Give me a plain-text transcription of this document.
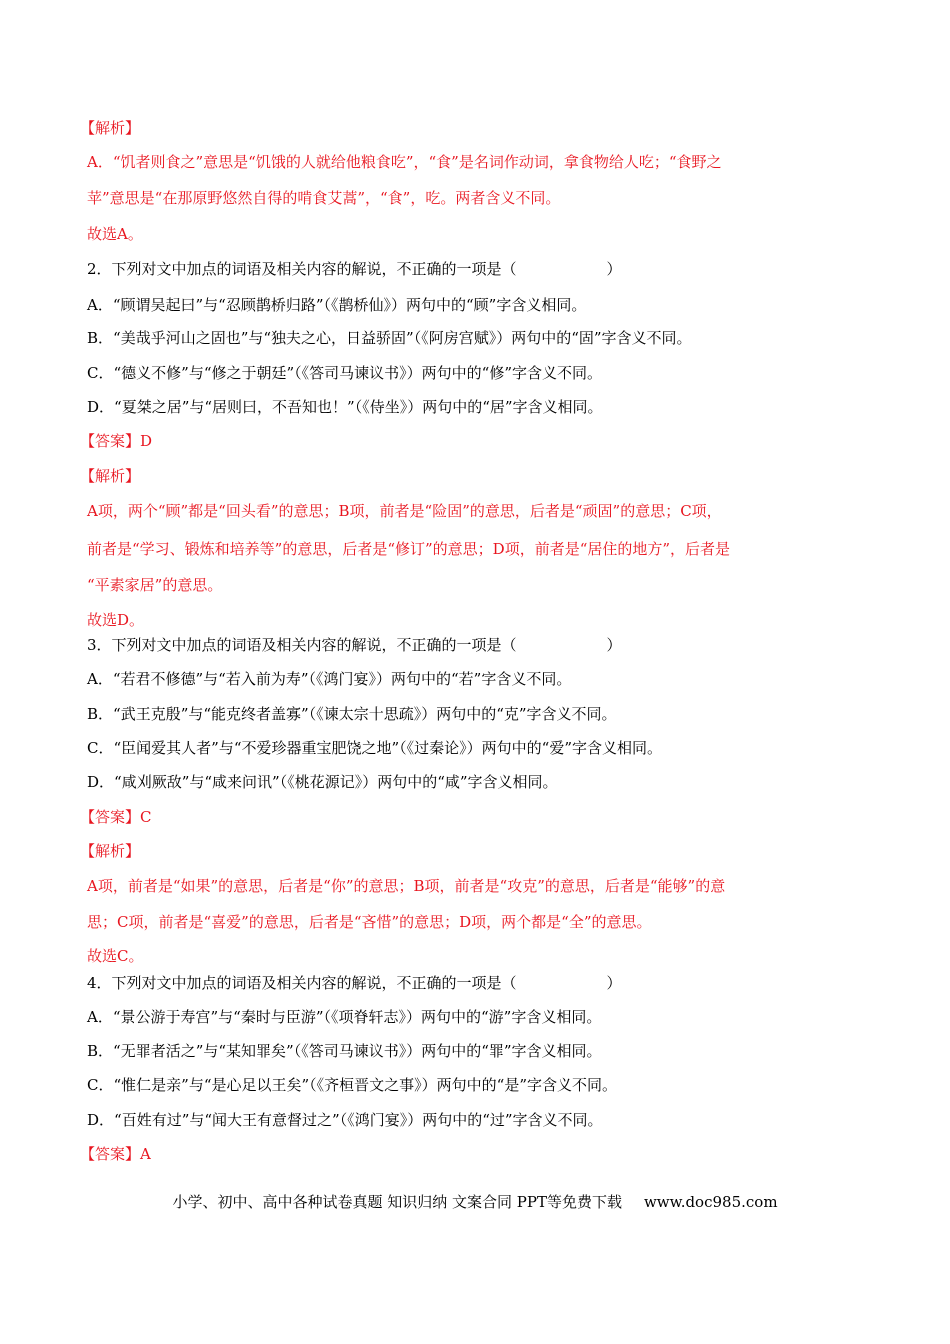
【解析】
A．“饥者则食之”意思是“饥饿的人就给他粮食吃”，“食”是名词作动词，拿食物给人吃；“食野之
苹”意思是“在那原野悠然自得的啃食艾蒿”，“食”，吃。两者含义不同。
故选A。
2．下列对文中加点的词语及相关内容的解说，不正确的一项是（　　　　　　）
A．“顾谓吴起曰”与“忍顾鹊桥归路”（《鹊桥仙》）两句中的“顾”字含义相同。
B．“美哉乎河山之固也”与“独夫之心，日益骄固”（《阿房宫赋》）两句中的“固”字含义不同。
C．“德义不修”与“修之于朝廷”（《答司马谏议书》）两句中的“修”字含义不同。
D．“夏桀之居”与“居则曰，不吾知也！”（《侍坐》）两句中的“居”字含义相同。
【答案】D
【解析】
A项，两个“顾”都是“回头看”的意思；B项，前者是“险固”的意思，后者是“顽固”的意思；C项，
前者是“学习、锻炼和培养等”的意思，后者是“修订”的意思；D项，前者是“居住的地方”，后者是
“平素家居”的意思。
故选D。
3．下列对文中加点的词语及相关内容的解说，不正确的一项是（　　　　　　）
A．“若君不修德”与“若入前为寿”（《鸿门宴》）两句中的“若”字含义不同。
B．“武王克殷”与“能克终者盖寡”（《谏太宗十思疏》）两句中的“克”字含义不同。
C．“臣闻爱其人者”与“不爱珍器重宝肥饶之地”（《过秦论》）两句中的“爱”字含义相同。
D．“咸刈厥敌”与“咸来问讯”（《桃花源记》）两句中的“咸”字含义相同。
【答案】C
【解析】
A项，前者是“如果”的意思，后者是“你”的意思；B项，前者是“攻克”的意思，后者是“能够”的意
思；C项，前者是“喜爱”的意思，后者是“吝惜”的意思；D项，两个都是“全”的意思。
故选C。
4．下列对文中加点的词语及相关内容的解说，不正确的一项是（　　　　　　）
A．“景公游于寿宫”与“秦时与臣游”（《项脊轩志》）两句中的“游”字含义相同。
B．“无罪者活之”与“某知罪矣”（《答司马谏议书》）两句中的“罪”字含义相同。
C．“惟仁是亲”与“是心足以王矣”（《齐桓晋文之事》）两句中的“是”字含义不同。
D．“百姓有过”与“闻大王有意督过之”（《鸿门宴》）两句中的“过”字含义不同。
【答案】A
小学、初中、高中各种试卷真题 知识归纳 文案合同 PPT等免费下载 www.doc985.com
